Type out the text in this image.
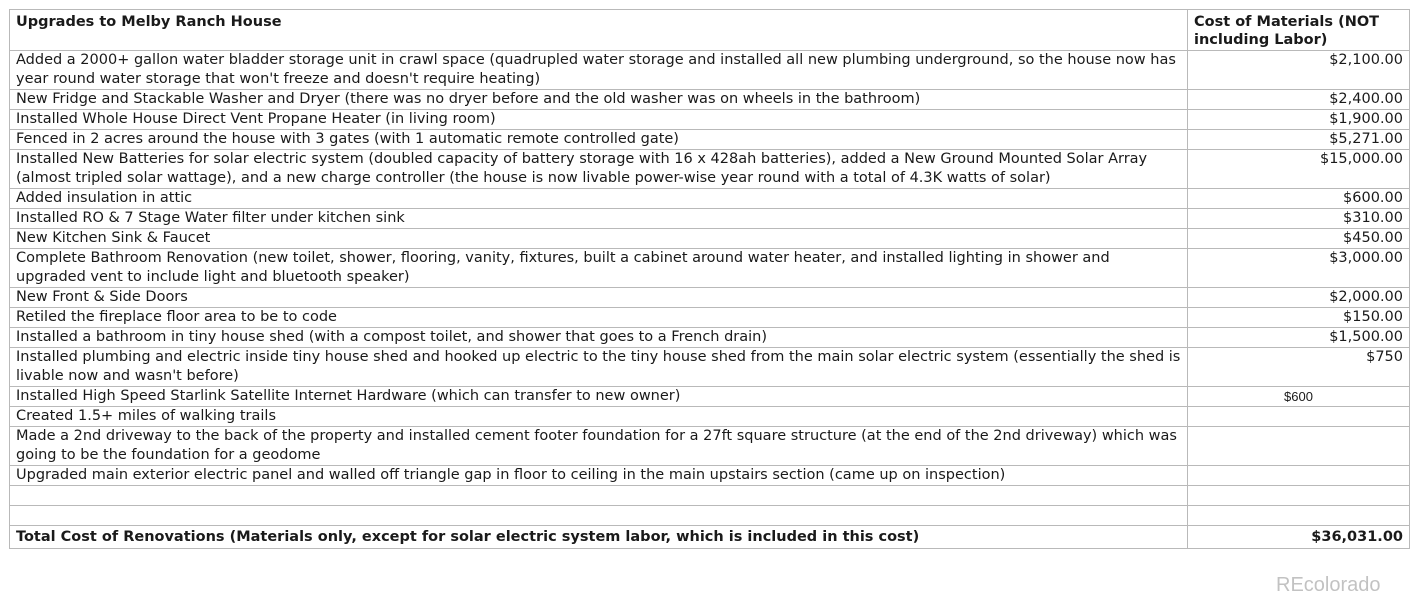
Upgrades to Melby Ranch House	Cost of Materials (NOT including Labor)
Added a 2000+ gallon water bladder storage unit in crawl space (quadrupled water storage and installed all new plumbing underground, so the house now has year round water storage that won't freeze and doesn't require heating)	$2,100.00
New Fridge and Stackable Washer and Dryer (there was no dryer before and the old washer was on wheels in the bathroom)	$2,400.00
Installed Whole House Direct Vent Propane Heater (in living room)	$1,900.00
Fenced in 2 acres around the house with 3 gates (with 1 automatic remote controlled gate)	$5,271.00
Installed New Batteries for solar electric system (doubled capacity of battery storage with 16 x 428ah batteries), added a New Ground Mounted Solar Array (almost tripled solar wattage), and a new charge controller (the house is now livable power-wise year round with a total of 4.3K watts of solar)	$15,000.00
Added insulation in attic	$600.00
Installed RO & 7 Stage Water filter under kitchen sink	$310.00
New Kitchen Sink & Faucet	$450.00
Complete Bathroom Renovation (new toilet, shower, flooring, vanity, fixtures, built a cabinet around water heater, and installed lighting in shower and upgraded vent to include light and bluetooth speaker)	$3,000.00
New Front & Side Doors	$2,000.00
Retiled the fireplace floor area to be to code	$150.00
Installed a bathroom in tiny house shed (with a compost toilet, and shower that goes to a French drain)	$1,500.00
Installed plumbing and electric inside tiny house shed and hooked up electric to the tiny house shed from the main solar electric system (essentially the shed is livable now and wasn't before)	$750
Installed High Speed Starlink Satellite Internet Hardware (which can transfer to new owner)	$600
Created 1.5+ miles of walking trails	
Made a 2nd driveway to the back of the property and installed cement footer foundation for a 27ft square structure (at the end of the 2nd driveway) which was going to be the foundation for a geodome	
Upgraded main exterior electric panel and walled off triangle gap in floor to ceiling in the main upstairs section (came up on inspection)	

Total Cost of Renovations (Materials only, except for solar electric system labor, which is included in this cost)	$36,031.00
REcolorado
